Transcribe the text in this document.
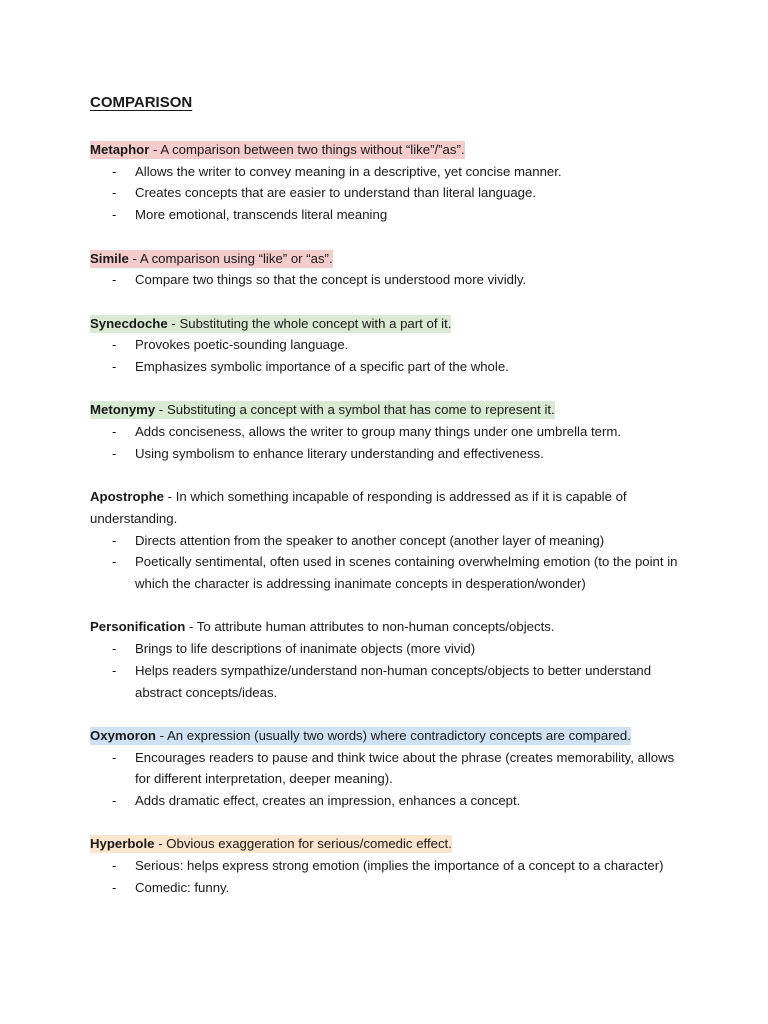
COMPARISON

Metaphor - A comparison between two things without “like”/”as”.

- Allows the writer to convey meaning in a descriptive, yet concise manner.
- Creates concepts that are easier to understand than literal language.
- More emotional, transcends literal meaning

Simile - A comparison using “like” or “as”.

- Compare two things so that the concept is understood more vividly.

Synecdoche - Substituting the whole concept with a part of it.

- Provokes poetic-sounding language.
- Emphasizes symbolic importance of a specific part of the whole.

Metonymy - Substituting a concept with a symbol that has come to represent it.

- Adds conciseness, allows the writer to group many things under one umbrella term.
- Using symbolism to enhance literary understanding and effectiveness.

Apostrophe - In which something incapable of responding is addressed as if it is capable of understanding.

- Directs attention from the speaker to another concept (another layer of meaning)
- Poetically sentimental, often used in scenes containing overwhelming emotion (to the point in which the character is addressing inanimate concepts in desperation/wonder)

Personification - To attribute human attributes to non-human concepts/objects.

- Brings to life descriptions of inanimate objects (more vivid)
- Helps readers sympathize/understand non-human concepts/objects to better understand abstract concepts/ideas.

Oxymoron - An expression (usually two words) where contradictory concepts are compared.

- Encourages readers to pause and think twice about the phrase (creates memorability, allows for different interpretation, deeper meaning).
- Adds dramatic effect, creates an impression, enhances a concept.

Hyperbole - Obvious exaggeration for serious/comedic effect.

- Serious: helps express strong emotion (implies the importance of a concept to a character)
- Comedic: funny.
